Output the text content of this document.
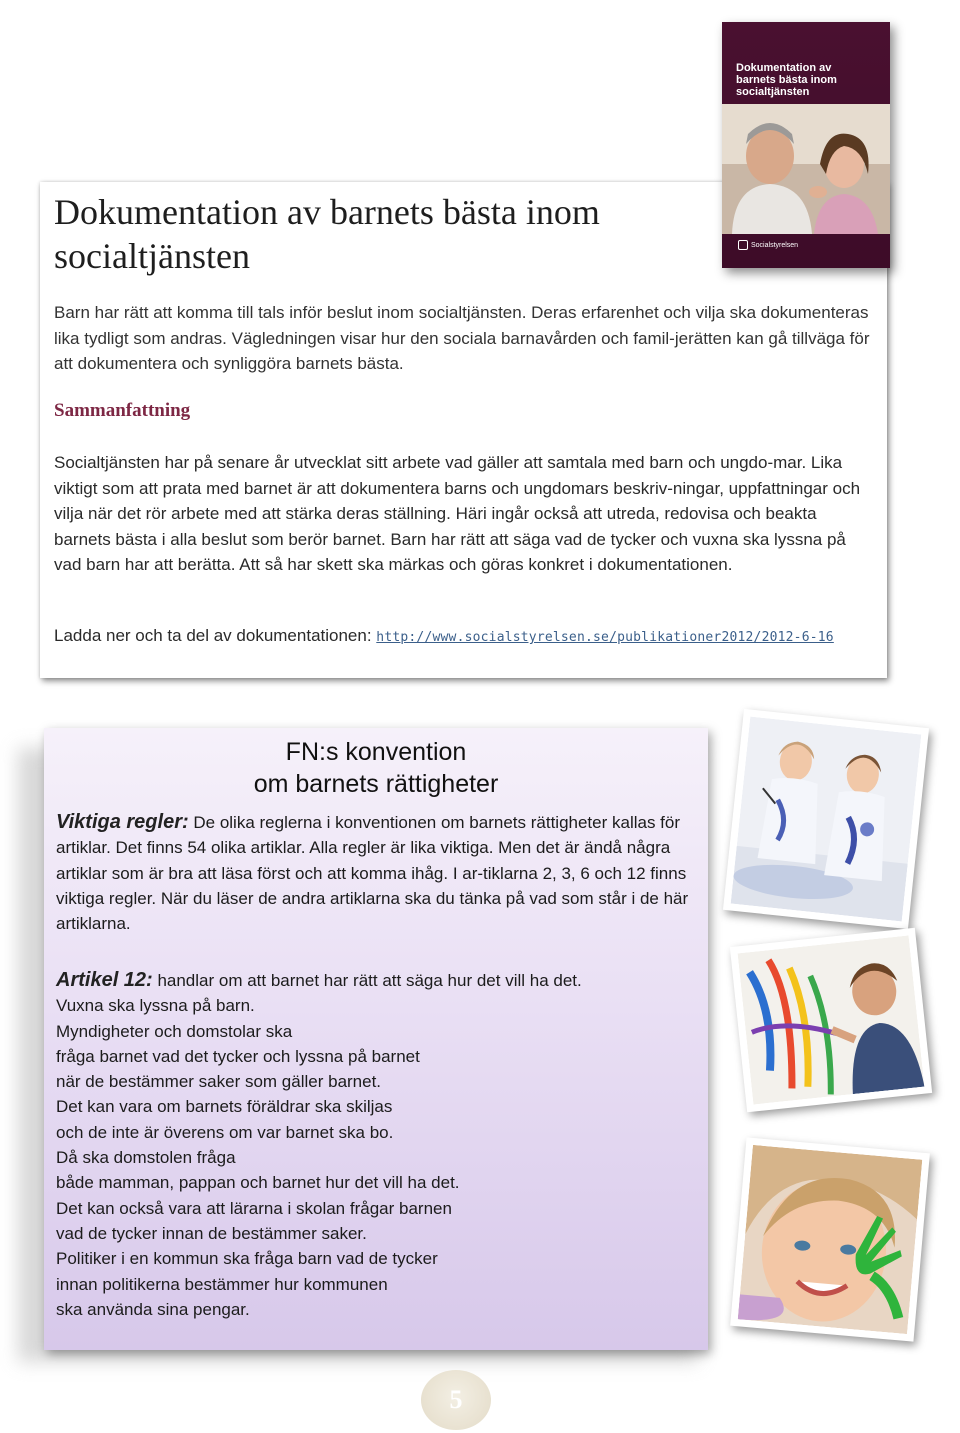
Dokumentation av barnets bästa inom socialtjänsten

Barn har rätt att komma till tals inför beslut inom socialtjänsten. Deras erfarenhet och vilja ska dokumenteras lika tydligt som andras. Vägledningen visar hur den sociala barnavården och famil-jerätten kan gå tillväga för att dokumentera och synliggöra barnets bästa.

Sammanfattning

Socialtjänsten har på senare år utvecklat sitt arbete vad gäller att samtala med barn och ungdo-mar. Lika viktigt som att prata med barnet är att dokumentera barns och ungdomars beskriv-ningar, uppfattningar och vilja när det rör arbete med att stärka deras ställning. Häri ingår också att utreda, redovisa och beakta barnets bästa i alla beslut som berör barnet. Barn har rätt att säga vad de tycker och vuxna ska lyssna på vad barn har att berätta. Att så har skett ska märkas och göras konkret i dokumentationen.

Ladda ner och ta del av dokumentationen: http://www.socialstyrelsen.se/publikationer2012/2012-6-16

Dokumentation av barnets bästa inom socialtjänsten

Socialstyrelsen
FN:s konvention
om barnets rättigheter

Viktiga regler: De olika reglerna i konventionen om barnets rättigheter kallas för artiklar. Det finns 54 olika artiklar. Alla regler är lika viktiga. Men det är ändå några artiklar som är bra att läsa först och att komma ihåg. I ar-tiklarna 2, 3, 6 och 12 finns viktiga regler. När du läser de andra artiklarna ska du tänka på vad som står i de här artiklarna.

Artikel 12: handlar om att barnet har rätt att säga hur det vill ha det.
Vuxna ska lyssna på barn.
Myndigheter och domstolar ska
fråga barnet vad det tycker och lyssna på barnet
när de bestämmer saker som gäller barnet.
Det kan vara om barnets föräldrar ska skiljas
och de inte är överens om var barnet ska bo.
Då ska domstolen fråga
både mamman, pappan och barnet hur det vill ha det.
Det kan också vara att lärarna i skolan frågar barnen
vad de tycker innan de bestämmer saker.
Politiker i en kommun ska fråga barn vad de tycker
innan politikerna bestämmer hur kommunen
ska använda sina pengar.
5
